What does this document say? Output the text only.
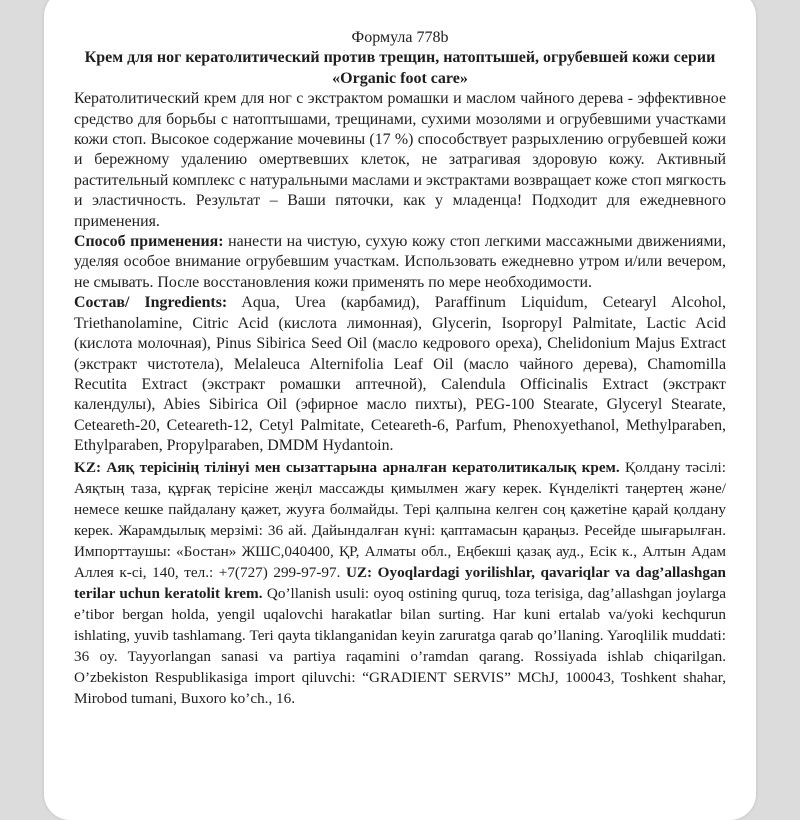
Формула 778b
Крем для ног кератолитический против трещин, натоптышей, огрубевшей кожи серии «Organic foot care»

Кератолитический крем для ног с экстрактом ромашки и маслом чайного дерева - эффективное средство для борьбы с натоптышами, трещинами, сухими мозолями и огрубевшими участками кожи стоп. Высокое содержание мочевины (17 %) способствует разрыхлению огрубевшей кожи и бережному удалению омертвевших клеток, не затрагивая здоровую кожу. Активный растительный комплекс с натуральными маслами и экстрактами возвращает коже стоп мягкость и эластичность. Результат – Ваши пяточки, как у младенца! Подходит для ежедневного применения.

Способ применения: нанести на чистую, сухую кожу стоп легкими массажными движениями, уделяя особое внимание огрубевшим участкам. Использовать ежедневно утром и/или вечером, не смывать. После восстановления кожи применять по мере необходимости.

Состав/ Ingredients: Aqua, Urea (карбамид), Paraffinum Liquidum, Cetearyl Alcohol, Triethanolamine, Citric Acid (кислота лимонная), Glycerin, Isopropyl Palmitate, Lactic Acid (кислота молочная), Pinus Sibirica Seed Oil (масло кедрового ореха), Chelidonium Majus Extract (экстракт чистотела), Melaleuca Alternifolia Leaf Oil (масло чайного дерева), Chamomilla Recutita Extract (экстракт ромашки аптечной), Calendula Officinalis Extract (экстракт календулы), Abies Sibirica Oil (эфирное масло пихты), PEG-100 Stearate, Glyceryl Stearate, Ceteareth-20, Ceteareth-12, Cetyl Palmitate, Ceteareth-6, Parfum, Phenoxyethanol, Methylparaben, Ethylparaben, Propylparaben, DMDM Hydantoin.

KZ: Аяқ терісінің тілінуі мен сызаттарына арналған кератолитикалық крем. Қолдану тәсілі: Аяқтың таза, құрғақ терісіне жеңіл массажды қимылмен жағу керек. Күнделікті таңертең және/немесе кешке пайдалану қажет, жууға болмайды. Тері қалпына келген соң қажетіне қарай қолдану керек. Жарамдылық мерзімі: 36 ай. Дайындалған күні: қаптамасын қараңыз. Ресейде шығарылған. Импорттаушы: «Бостан» ЖШС,040400, ҚР, Алматы обл., Еңбекші қазақ ауд., Есік к., Алтын Адам Аллея к-сі, 140, тел.: +7(727) 299-97-97. UZ: Oyoqlardagi yorilishlar, qavariqlar va dag’allashgan terilar uchun keratolit krem. Qo’llanish usuli: oyoq ostining quruq, toza terisiga, dag’allashgan joylarga e’tibor bergan holda, yengil uqalovchi harakatlar bilan surting. Har kuni ertalab va/yoki kechqurun ishlating, yuvib tashlamang. Teri qayta tiklanganidan keyin zaruratga qarab qo’llaning. Yaroqlilik muddati: 36 oy. Tayyorlangan sanasi va partiya raqamini o’ramdan qarang. Rossiyada ishlab chiqarilgan. O’zbekiston Respublikasiga import qiluvchi: “GRADIENT SERVIS” MChJ, 100043, Toshkent shahar, Mirobod tumani, Buxoro ko’ch., 16.
